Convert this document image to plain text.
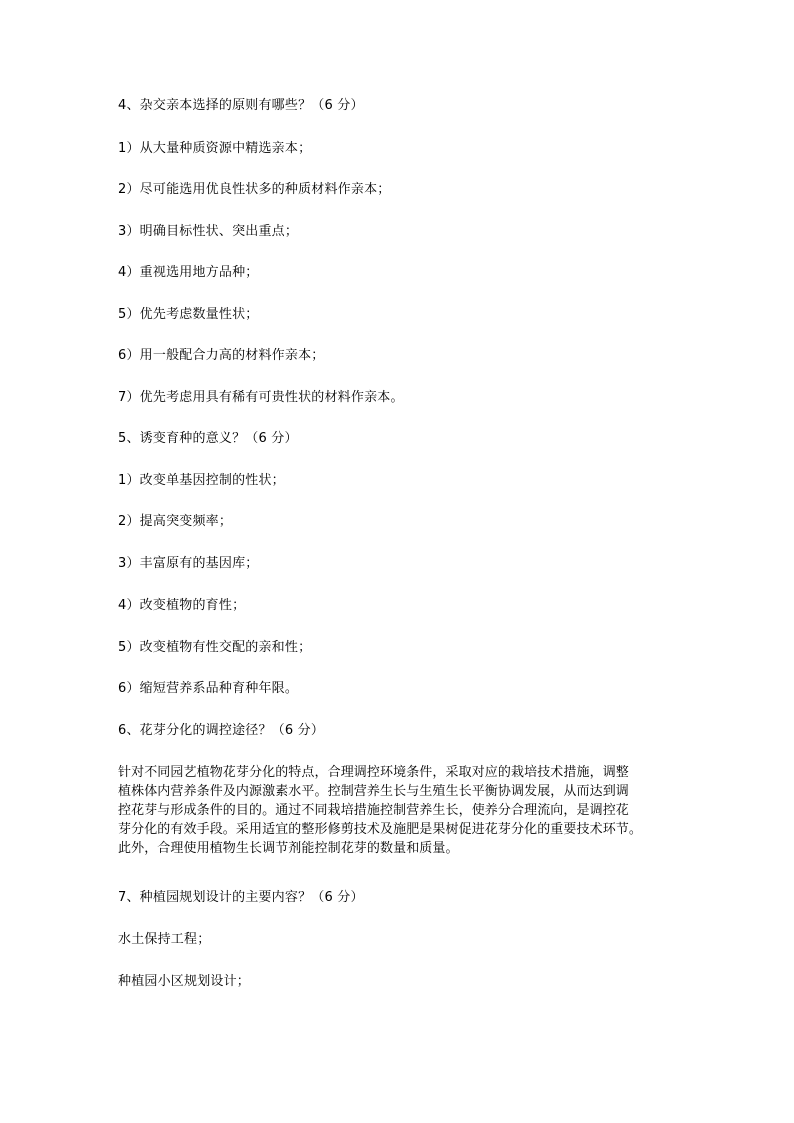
4、杂交亲本选择的原则有哪些？（6 分）
1）从大量种质资源中精选亲本；
2）尽可能选用优良性状多的种质材料作亲本；
3）明确目标性状、突出重点；
4）重视选用地方品种；
5）优先考虑数量性状；
6）用一般配合力高的材料作亲本；
7）优先考虑用具有稀有可贵性状的材料作亲本。
5、诱变育种的意义？（6 分）
1）改变单基因控制的性状；
2）提高突变频率；
3）丰富原有的基因库；
4）改变植物的育性；
5）改变植物有性交配的亲和性；
6）缩短营养系品种育种年限。
6、花芽分化的调控途径？（6 分）
针对不同园艺植物花芽分化的特点，合理调控环境条件，采取对应的栽培技术措施，调整
植株体内营养条件及内源激素水平。控制营养生长与生殖生长平衡协调发展，从而达到调
控花芽与形成条件的目的。通过不同栽培措施控制营养生长，使养分合理流向，是调控花
芽分化的有效手段。采用适宜的整形修剪技术及施肥是果树促进花芽分化的重要技术环节。
此外，合理使用植物生长调节剂能控制花芽的数量和质量。
7、种植园规划设计的主要内容？（6 分）
水土保持工程；
种植园小区规划设计；
